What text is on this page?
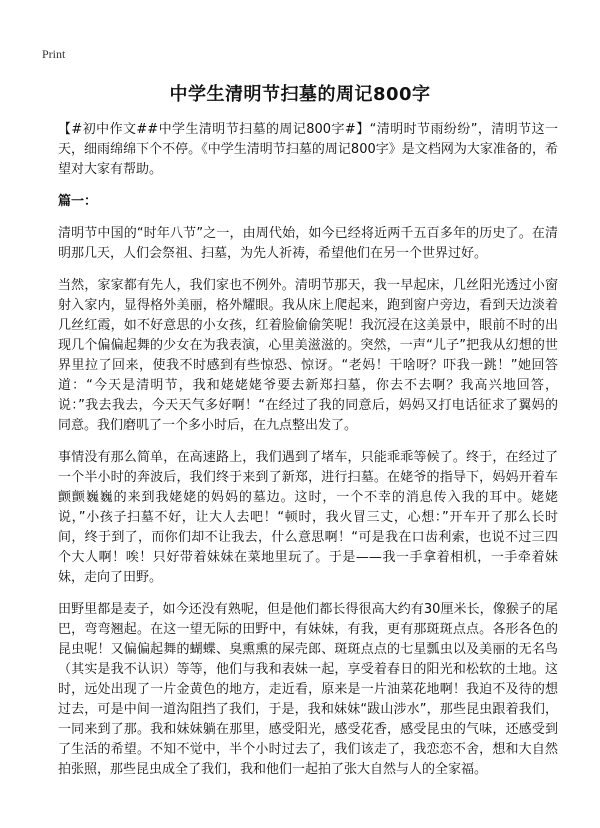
Print
中学生清明节扫墓的周记800字

【#初中作文##中学生清明节扫墓的周记800字#】“清明时节雨纷纷”，清明节这一天，细雨绵绵下个不停。《中学生清明节扫墓的周记800字》是文档网为大家准备的，希望对大家有帮助。

篇一：

清明节中国的“时年八节”之一，由周代始，如今已经将近两千五百多年的历史了。在清明那几天，人们会祭祖、扫墓，为先人祈祷，希望他们在另一个世界过好。

当然，家家都有先人，我们家也不例外。清明节那天，我一早起床，几丝阳光透过小窗射入家内，显得格外美丽，格外耀眼。我从床上爬起来，跑到窗户旁边，看到天边淡着几丝红霞，如不好意思的小女孩，红着脸偷偷笑呢！我沉浸在这美景中，眼前不时的出现几个偏偏起舞的少女在为我表演，心里美滋滋的。突然，一声“儿子”把我从幻想的世界里拉了回来，使我不时感到有些惊恐、惊讶。“老妈！干啥呀？吓我一跳！”她回答道：“今天是清明节，我和姥姥姥爷要去新郑扫墓，你去不去啊？我高兴地回答，说：”我去我去，今天天气多好啊！“在经过了我的同意后，妈妈又打电话征求了翼妈的同意。我们磨叽了一个多小时后，在九点整出发了。

事情没有那么简单，在高速路上，我们遇到了堵车，只能乖乖等候了。终于，在经过了一个半小时的奔波后，我们终于来到了新郑，进行扫墓。在姥爷的指导下，妈妈开着车颤颤巍巍的来到我姥姥的妈妈的墓边。这时，一个不幸的消息传入我的耳中。姥姥说，”小孩子扫墓不好，让大人去吧！“顿时，我火冒三丈，心想：”开车开了那么长时间，终于到了，而你们却不让我去，什么意思啊！“可是我在口齿利索，也说不过三四个大人啊！唉！只好带着妹妹在菜地里玩了。于是——我一手拿着相机，一手牵着妹妹，走向了田野。

田野里都是麦子，如今还没有熟呢，但是他们都长得很高大约有30厘米长，像猴子的尾巴，弯弯翘起。在这一望无际的田野中，有妹妹，有我，更有那斑斑点点。各形各色的昆虫呢！又偏偏起舞的蝴蝶、臭熏熏的屎壳郎、斑斑点点的七星瓢虫以及美丽的无名鸟（其实是我不认识）等等，他们与我和表妹一起，享受着春日的阳光和松软的土地。这时，远处出现了一片金黄色的地方，走近看，原来是一片油菜花地啊！我迫不及待的想过去，可是中间一道沟阻挡了我们，于是，我和妹妹“跋山涉水”，那些昆虫跟着我们，一同来到了那。我和妹妹躺在那里，感受阳光，感受花香，感受昆虫的气味，还感受到了生活的希望。不知不觉中，半个小时过去了，我们该走了，我恋恋不舍，想和大自然拍张照，那些昆虫成全了我们，我和他们一起拍了张大自然与人的全家福。
